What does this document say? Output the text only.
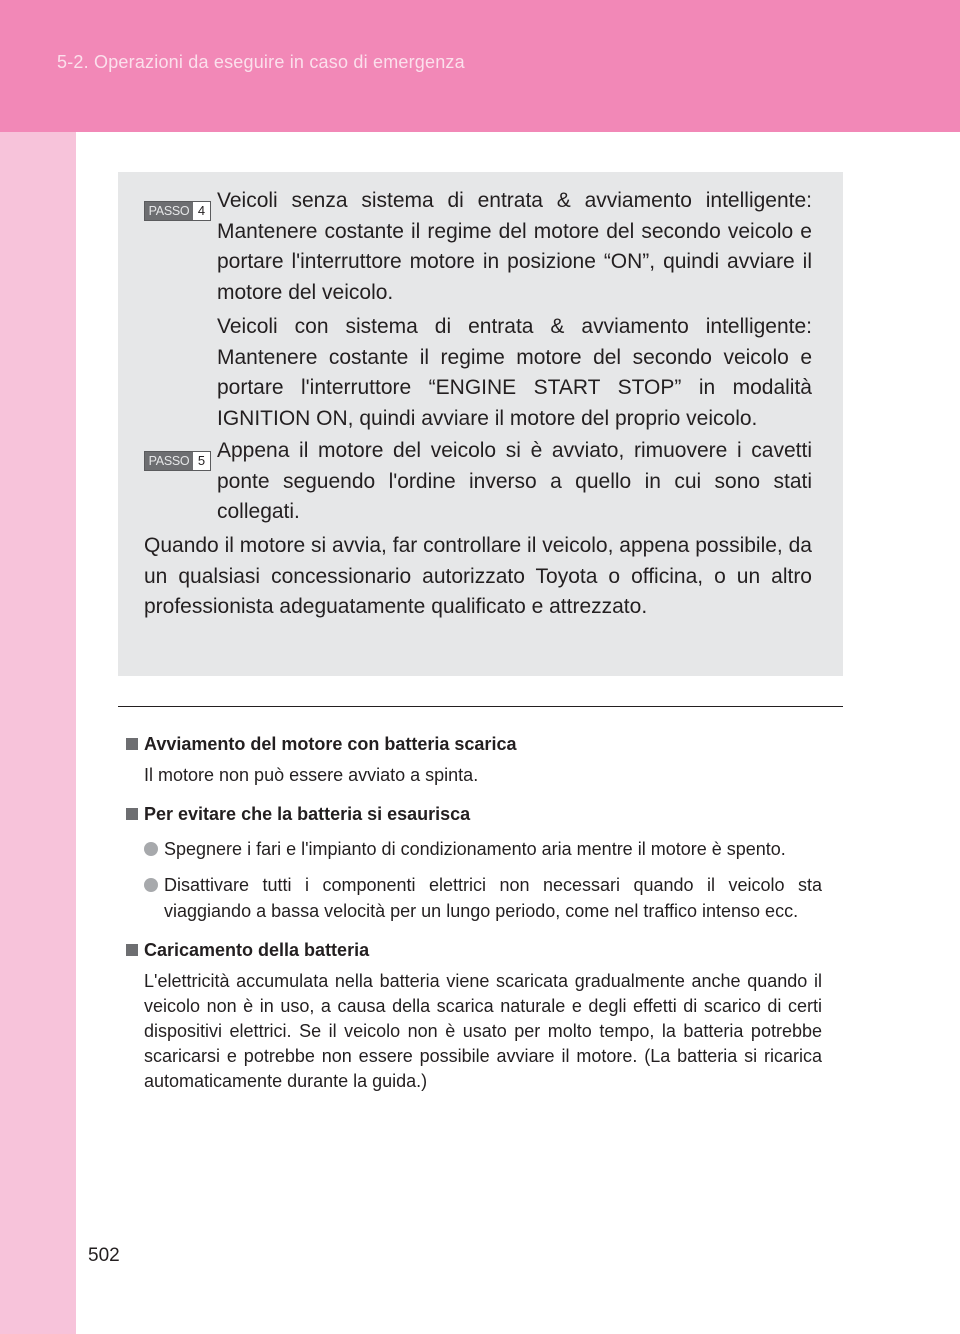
5-2. Operazioni da eseguire in caso di emergenza
502
PASSO 4 Veicoli senza sistema di entrata & avviamento intelligente: Mantenere costante il regime del motore del secondo veicolo e portare l'interruttore motore in posizione “ON”, quindi avviare il motore del veicolo.

Veicoli con sistema di entrata & avviamento intelligente: Mantenere costante il regime motore del secondo veicolo e portare l'interruttore “ENGINE START STOP” in modalità IGNITION ON, quindi avviare il motore del proprio veicolo.

PASSO 5 Appena il motore del veicolo si è avviato, rimuovere i cavetti ponte seguendo l'ordine inverso a quello in cui sono stati collegati.

Quando il motore si avvia, far controllare il veicolo, appena possibile, da un qualsiasi concessionario autorizzato Toyota o officina, o un altro professionista adeguatamente qualificato e attrezzato.

Avviamento del motore con batteria scarica

Il motore non può essere avviato a spinta.

Per evitare che la batteria si esaurisca

Spegnere i fari e l'impianto di condizionamento aria mentre il motore è spento.
Disattivare tutti i componenti elettrici non necessari quando il veicolo sta viaggiando a bassa velocità per un lungo periodo, come nel traffico intenso ecc.

Caricamento della batteria

L'elettricità accumulata nella batteria viene scaricata gradualmente anche quando il veicolo non è in uso, a causa della scarica naturale e degli effetti di scarico di certi dispositivi elettrici. Se il veicolo non è usato per molto tempo, la batteria potrebbe scaricarsi e potrebbe non essere possibile avviare il motore. (La batteria si ricarica automaticamente durante la guida.)
